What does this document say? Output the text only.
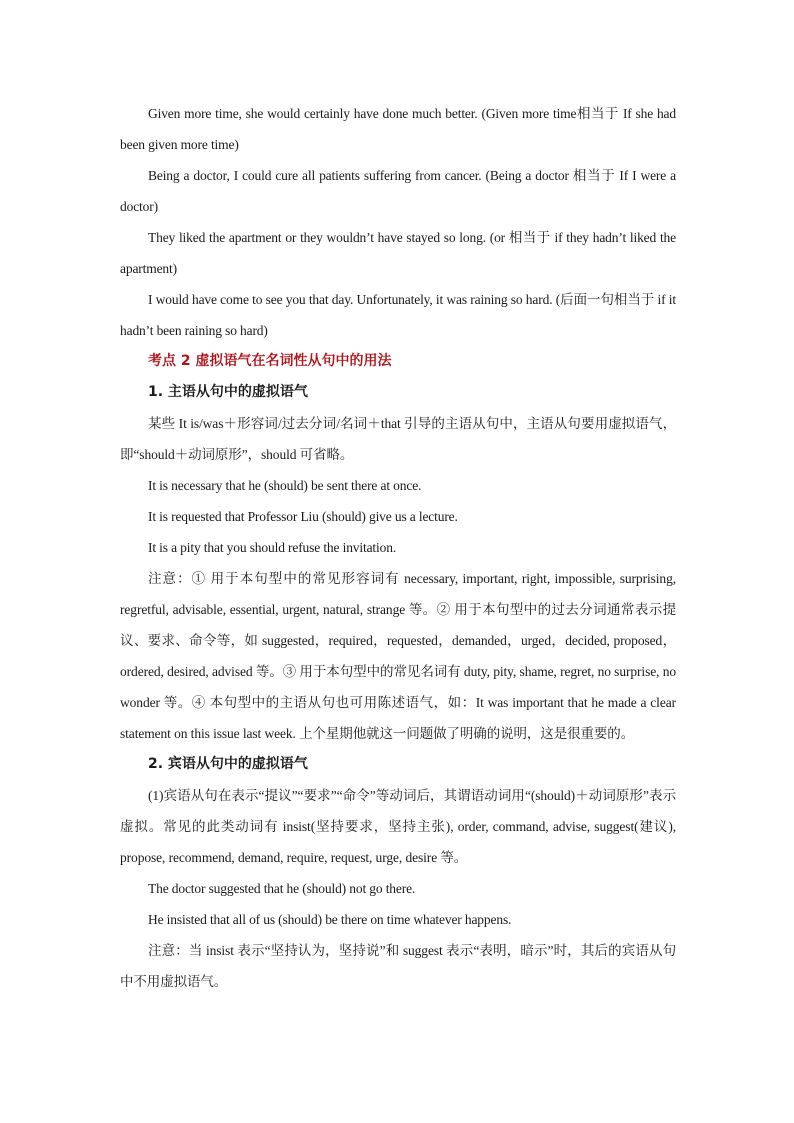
Given more time, she would certainly have done much better. (Given more time相当于 If she had been given more time)

Being a doctor, I could cure all patients suffering from cancer. (Being a doctor 相当于 If I were a doctor)

They liked the apartment or they wouldn’t have stayed so long. (or 相当于 if they hadn’t liked the apartment)

I would have come to see you that day. Unfortunately, it was raining so hard. (后面一句相当于 if it hadn’t been raining so hard)

考点 2 虚拟语气在名词性从句中的用法

1. 主语从句中的虚拟语气

某些 It is/was＋形容词/过去分词/名词＋that 引导的主语从句中，主语从句要用虚拟语气，即“should＋动词原形”，should 可省略。

It is necessary that he (should) be sent there at once.

It is requested that Professor Liu (should) give us a lecture.

It is a pity that you should refuse the invitation.

注意：① 用于本句型中的常见形容词有 necessary, important, right, impossible, surprising, regretful, advisable, essential, urgent, natural, strange 等。② 用于本句型中的过去分词通常表示提议、要求、命令等，如 suggested，required，requested，demanded，urged，decided, proposed，ordered, desired, advised 等。③ 用于本句型中的常见名词有 duty, pity, shame, regret, no surprise, no wonder 等。④ 本句型中的主语从句也可用陈述语气，如：It was important that he made a clear statement on this issue last week. 上个星期他就这一问题做了明确的说明，这是很重要的。

2. 宾语从句中的虚拟语气

(1)宾语从句在表示“提议”“要求”“命令”等动词后，其谓语动词用“(should)＋动词原形”表示虚拟。常见的此类动词有 insist(坚持要求，坚持主张), order, command, advise, suggest(建议), propose, recommend, demand, require, request, urge, desire 等。

The doctor suggested that he (should) not go there.

He insisted that all of us (should) be there on time whatever happens.

注意：当 insist 表示“坚持认为，坚持说”和 suggest 表示“表明，暗示”时，其后的宾语从句中不用虚拟语气。
